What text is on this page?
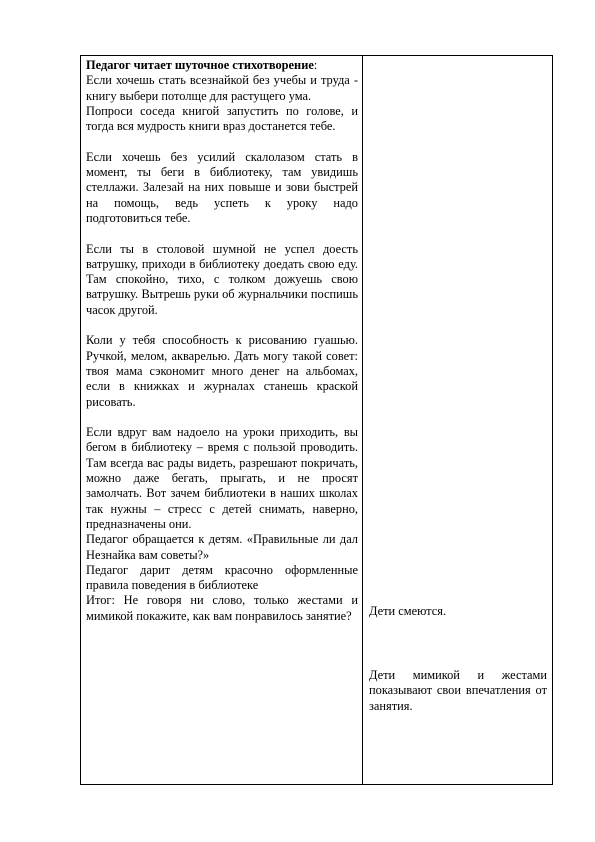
Педагог читает шуточное стихотворение:

Если хочешь стать всезнайкой без учебы и труда - книгу выбери потолще для растущего ума.

Попроси соседа книгой запустить по голове, и тогда вся мудрость книги враз достанется тебе.

Если хочешь без усилий скалолазом стать в момент, ты беги в библиотеку, там увидишь стеллажи. Залезай на них повыше и зови быстрей на помощь, ведь успеть к уроку надо подготовиться тебе.

Если ты в столовой шумной не успел доесть ватрушку, приходи в библиотеку доедать свою еду. Там спокойно, тихо, с толком дожуешь свою ватрушку. Вытрешь руки об журнальчики поспишь часок другой.

Коли у тебя способность к рисованию гуашью. Ручкой, мелом, акварелью. Дать могу такой совет: твоя мама сэкономит много денег на альбомах, если в книжках и журналах станешь краской рисовать.

Если вдруг вам надоело на уроки приходить, вы бегом в библиотеку – время с пользой проводить. Там всегда вас рады видеть, разрешают покричать, можно даже бегать, прыгать, и не просят замолчать. Вот зачем библиотеки в наших школах так нужны – стресс с детей снимать, наверно, предназначены они.

Педагог обращается к детям. «Правильные ли дал Незнайка вам советы?»

Педагог дарит детям красочно оформленные правила поведения в библиотеке

Итог: Не говоря ни слово, только жестами и мимикой покажите, как вам понравилось занятие?	Дети смеются.
Дети мимикой и жестами показывают свои впечатления от занятия.
